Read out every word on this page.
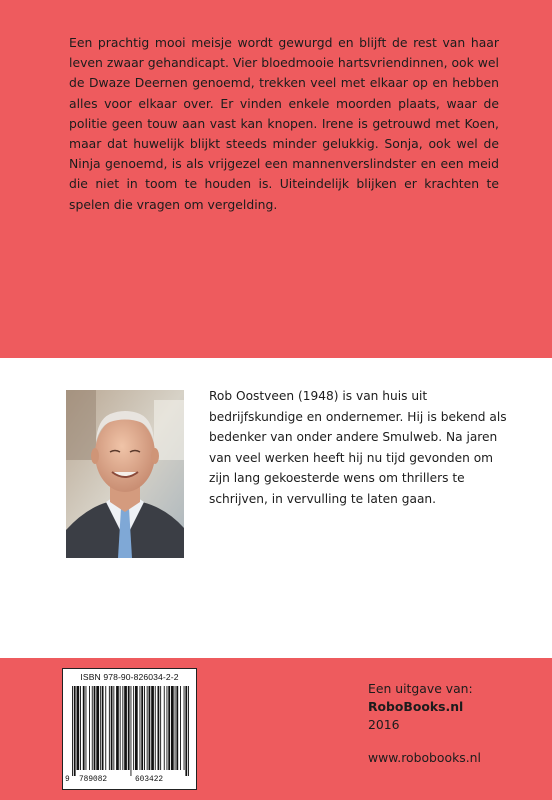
Een prachtig mooi meisje wordt gewurgd en blijft de rest van haar leven zwaar gehandicapt. Vier bloedmooie hartsvriendinnen, ook wel de Dwaze Deernen genoemd, trekken veel met elkaar op en hebben alles voor elkaar over. Er vinden enkele moorden plaats, waar de politie geen touw aan vast kan knopen. Irene is getrouwd met Koen, maar dat huwelijk blijkt steeds minder gelukkig. Sonja, ook wel de Ninja genoemd, is als vrijgezel een mannenverslindster en een meid die niet in toom te houden is. Uiteindelijk blijken er krachten te spelen die vragen om vergelding.

Rob Oostveen (1948) is van huis uit bedrijfskundige en ondernemer. Hij is bekend als bedenker van onder andere Smulweb. Na jaren van veel werken heeft hij nu tijd gevonden om zijn lang gekoesterde wens om thrillers te schrijven, in vervulling te laten gaan.

ISBN 978-90-826034-2-2
9 789082	603422
Een uitgave van:
RoboBooks.nl
2016
www.robobooks.nl
